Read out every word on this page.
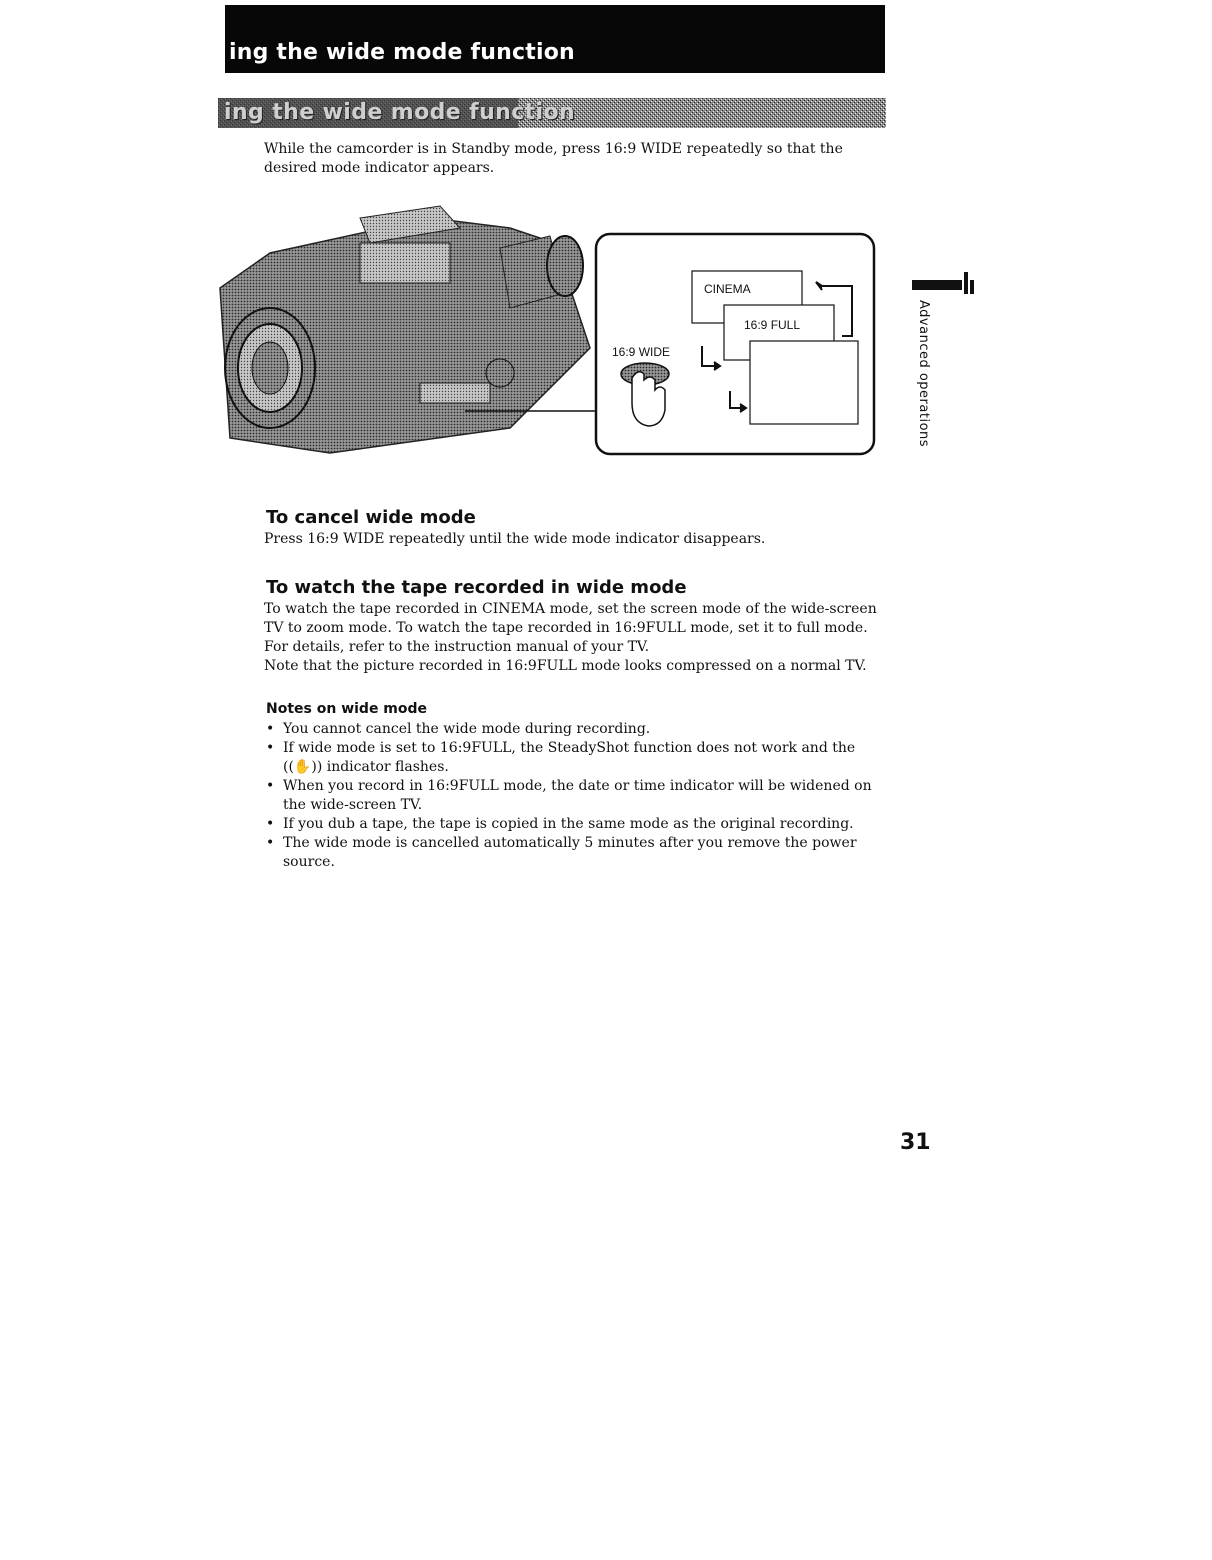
ing the wide mode function
ing the wide mode function
While the camcorder is in Standby mode, press 16:9 WIDE repeatedly so that the desired mode indicator appears.
16:9 WIDE
CINEMA
16:9 FULL
To cancel wide mode
Press 16:9 WIDE repeatedly until the wide mode indicator disappears.
To watch the tape recorded in wide mode
To watch the tape recorded in CINEMA mode, set the screen mode of the wide-screen
TV to zoom mode. To watch the tape recorded in 16:9FULL mode, set it to full mode.
For details, refer to the instruction manual of your TV.
Note that the picture recorded in 16:9FULL mode looks compressed on a normal TV.
Notes on wide mode
• You cannot cancel the wide mode during recording.
• If wide mode is set to 16:9FULL, the SteadyShot function does not work and the ((✋)) indicator flashes.
• When you record in 16:9FULL mode, the date or time indicator will be widened on the wide-screen TV.
• If you dub a tape, the tape is copied in the same mode as the original recording.
• The wide mode is cancelled automatically 5 minutes after you remove the power source.
Advanced operations
31
